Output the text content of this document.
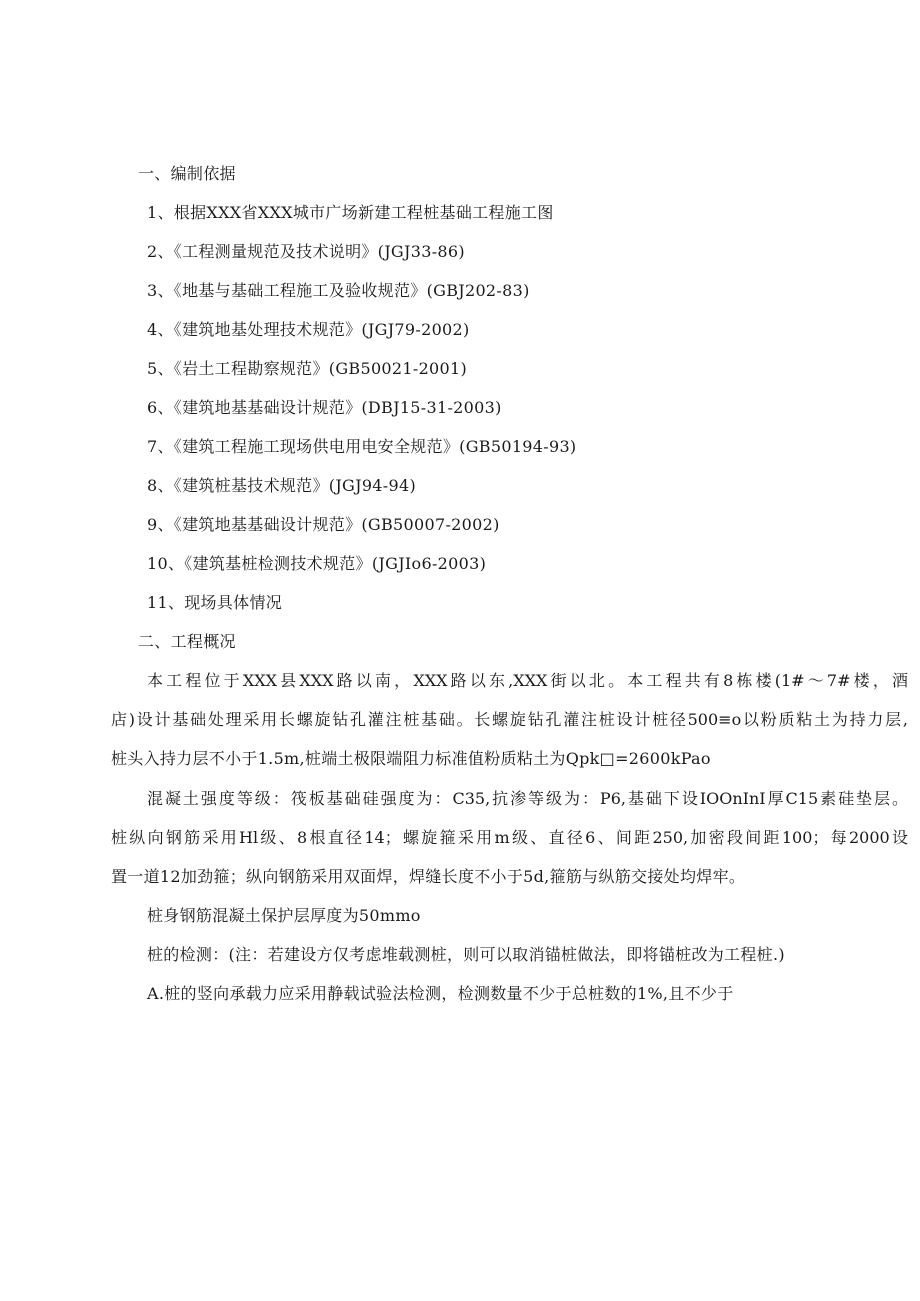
一、编制依据
1、根据XXX省XXX城市广场新建工程桩基础工程施工图
2、《工程测量规范及技术说明》(JGJ33-86)
3、《地基与基础工程施工及验收规范》(GBJ202-83)
4、《建筑地基处理技术规范》(JGJ79-2002)
5、《岩土工程勘察规范》(GB50021-2001)
6、《建筑地基基础设计规范》(DBJ15-31-2003)
7、《建筑工程施工现场供电用电安全规范》(GB50194-93)
8、《建筑桩基技术规范》(JGJ94-94)
9、《建筑地基基础设计规范》(GB50007-2002)
10、《建筑基桩检测技术规范》(JGJIo6-2003)
11、现场具体情况
二、工程概况
本工程位于XXX县XXX路以南，XXX路以东,XXX街以北。本工程共有8栋楼(1#～7#楼，酒
店)设计基础处理采用长螺旋钻孔灌注桩基础。长螺旋钻孔灌注桩设计桩径500≡o以粉质粘土为持力层,
桩头入持力层不小于1.5m,桩端土极限端阻力标准值粉质粘土为Qpk□=2600kPao
混凝土强度等级：筏板基础硅强度为：C35,抗渗等级为：P6,基础下设IOOnInI厚C15素硅垫层。
桩纵向钢筋采用Hl级、8根直径14；螺旋箍采用m级、直径6、间距250,加密段间距100；每2000设
置一道12加劲箍；纵向钢筋采用双面焊，焊缝长度不小于5d,箍筋与纵筋交接处均焊牢。
桩身钢筋混凝土保护层厚度为50mmo
桩的检测：(注：若建设方仅考虑堆载测桩，则可以取消锚桩做法，即将锚桩改为工程桩.)
A.桩的竖向承载力应采用静载试验法检测，检测数量不少于总桩数的1%,且不少于
